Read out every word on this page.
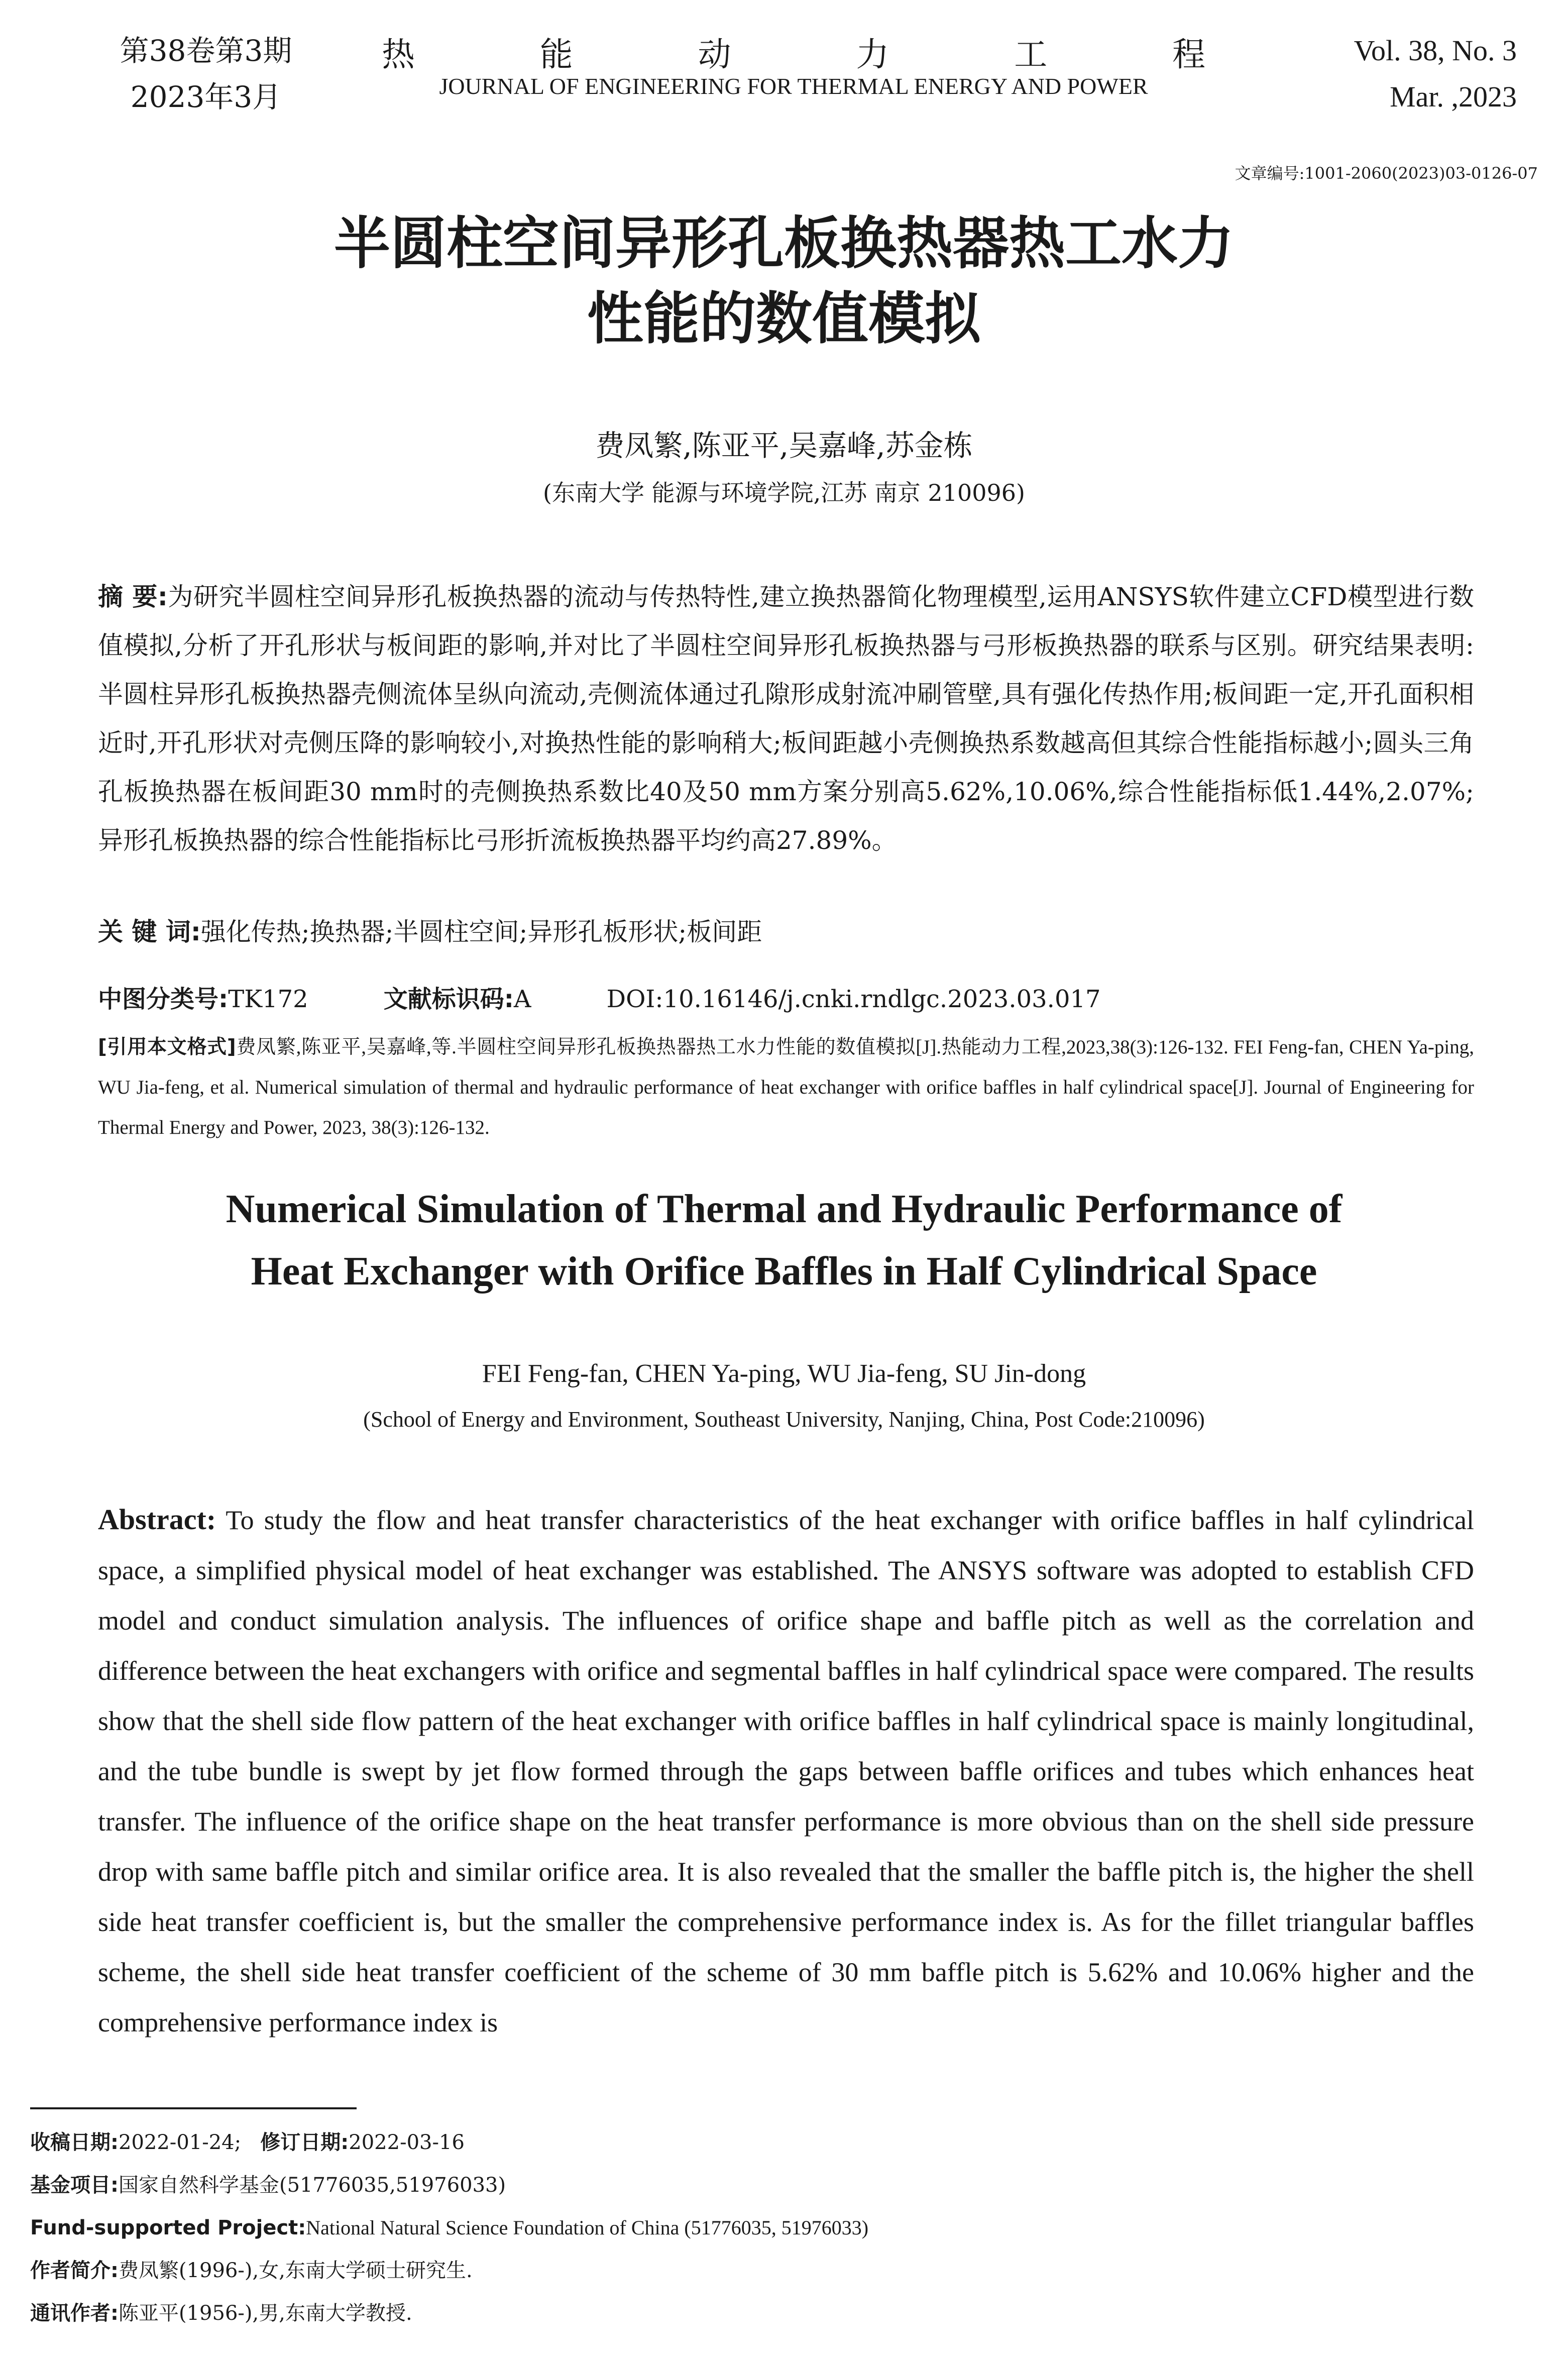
第38卷第3期
2023年3月
热	能	动	力	工	程
JOURNAL OF ENGINEERING FOR THERMAL ENERGY AND POWER
Vol. 38, No. 3
Mar. ,2023
文章编号:1001-2060(2023)03-0126-07
半圆柱空间异形孔板换热器热工水力
性能的数值模拟
费凤繁,陈亚平,吴嘉峰,苏金栋
(东南大学 能源与环境学院,江苏 南京 210096)
摘 要:为研究半圆柱空间异形孔板换热器的流动与传热特性,建立换热器简化物理模型,运用ANSYS软件建立CFD模型进行数值模拟,分析了开孔形状与板间距的影响,并对比了半圆柱空间异形孔板换热器与弓形板换热器的联系与区别。研究结果表明:半圆柱异形孔板换热器壳侧流体呈纵向流动,壳侧流体通过孔隙形成射流冲刷管壁,具有强化传热作用;板间距一定,开孔面积相近时,开孔形状对壳侧压降的影响较小,对换热性能的影响稍大;板间距越小壳侧换热系数越高但其综合性能指标越小;圆头三角孔板换热器在板间距30 mm时的壳侧换热系数比40及50 mm方案分别高5.62%,10.06%,综合性能指标低1.44%,2.07%;异形孔板换热器的综合性能指标比弓形折流板换热器平均约高27.89%。
关 键 词:强化传热;换热器;半圆柱空间;异形孔板形状;板间距
中图分类号:TK172	文献标识码:A	DOI:10.16146/j.cnki.rndlgc.2023.03.017
[引用本文格式]费凤繁,陈亚平,吴嘉峰,等.半圆柱空间异形孔板换热器热工水力性能的数值模拟[J].热能动力工程,2023,38(3):126-132. FEI Feng-fan, CHEN Ya-ping, WU Jia-feng, et al. Numerical simulation of thermal and hydraulic performance of heat exchanger with orifice baffles in half cylindrical space[J]. Journal of Engineering for Thermal Energy and Power, 2023, 38(3):126-132.
Numerical Simulation of Thermal and Hydraulic Performance of
Heat Exchanger with Orifice Baffles in Half Cylindrical Space
FEI Feng-fan, CHEN Ya-ping, WU Jia-feng, SU Jin-dong
(School of Energy and Environment, Southeast University, Nanjing, China, Post Code:210096)
Abstract: To study the flow and heat transfer characteristics of the heat exchanger with orifice baffles in half cylindrical space, a simplified physical model of heat exchanger was established. The ANSYS software was adopted to establish CFD model and conduct simulation analysis. The influences of orifice shape and baffle pitch as well as the correlation and difference between the heat exchangers with orifice and segmental baffles in half cylindrical space were compared. The results show that the shell side flow pattern of the heat exchanger with orifice baffles in half cylindrical space is mainly longitudinal, and the tube bundle is swept by jet flow formed through the gaps between baffle orifices and tubes which enhances heat transfer. The influence of the orifice shape on the heat transfer performance is more obvious than on the shell side pressure drop with same baffle pitch and similar orifice area. It is also revealed that the smaller the baffle pitch is, the higher the shell side heat transfer coefficient is, but the smaller the comprehensive performance index is. As for the fillet triangular baffles scheme, the shell side heat transfer coefficient of the scheme of 30 mm baffle pitch is 5.62% and 10.06% higher and the comprehensive performance index is
收稿日期:2022-01-24; 修订日期:2022-03-16
基金项目:国家自然科学基金(51776035,51976033)
Fund-supported Project:National Natural Science Foundation of China (51776035, 51976033)
作者简介:费凤繁(1996-),女,东南大学硕士研究生.
通讯作者:陈亚平(1956-),男,东南大学教授.
